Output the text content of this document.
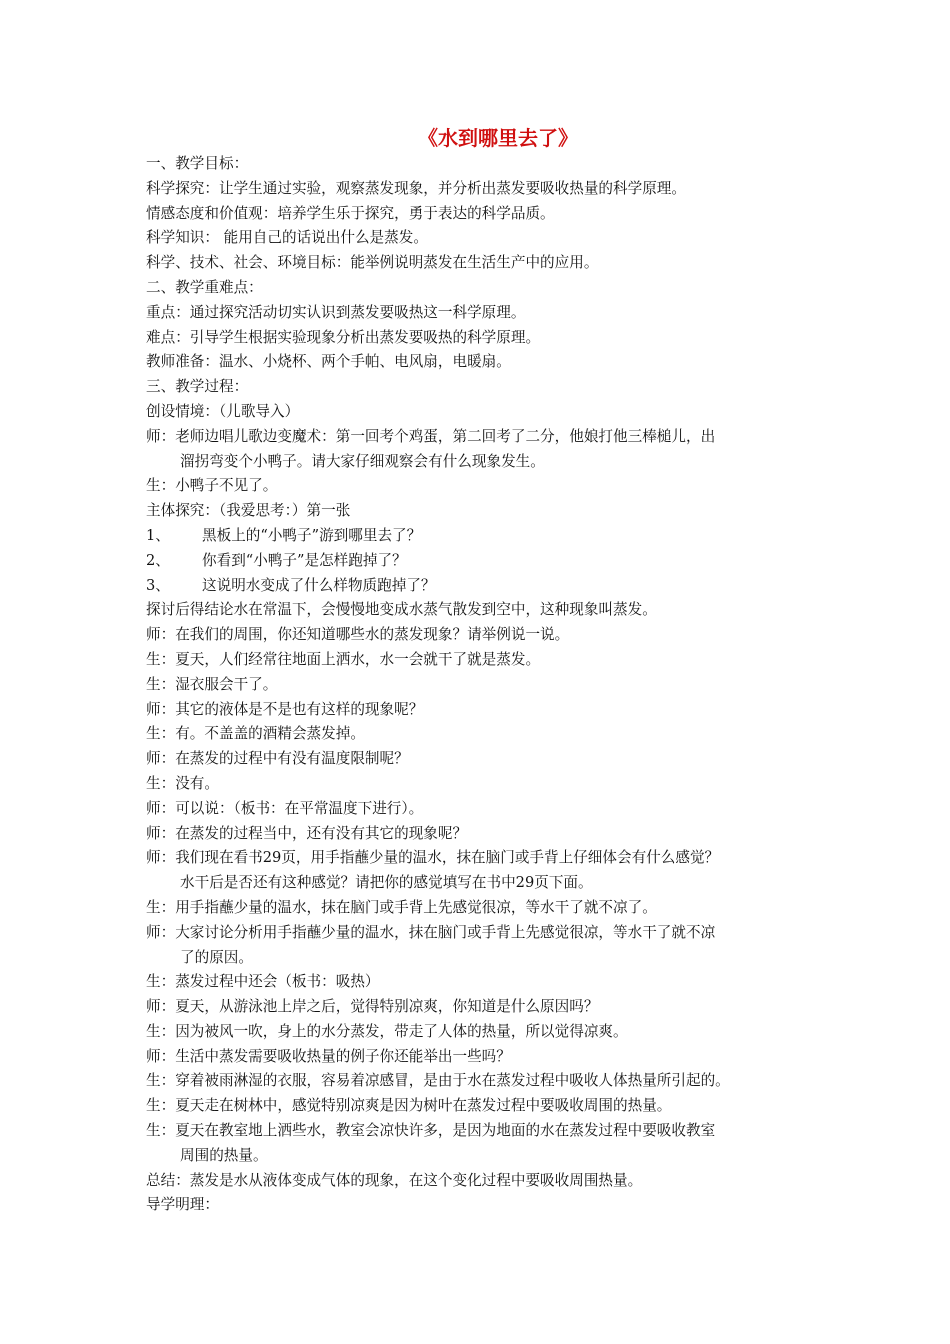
《水到哪里去了》
一、教学目标：
科学探究：让学生通过实验，观察蒸发现象，并分析出蒸发要吸收热量的科学原理。
情感态度和价值观：培养学生乐于探究，勇于表达的科学品质。
科学知识： 能用自己的话说出什么是蒸发。
科学、技术、社会、环境目标：能举例说明蒸发在生活生产中的应用。
二、教学重难点：
重点：通过探究活动切实认识到蒸发要吸热这一科学原理。
难点：引导学生根据实验现象分析出蒸发要吸热的科学原理。
教师准备：温水、小烧杯、两个手帕、电风扇，电暖扇。
三、教学过程：
创设情境：（儿歌导入）
师：老师边唱儿歌边变魔术：第一回考个鸡蛋，第二回考了二分，他娘打他三棒槌儿，出
溜拐弯变个小鸭子。请大家仔细观察会有什么现象发生。
生：小鸭子不见了。
主体探究：（我爱思考：）第一张
1、 黑板上的“小鸭子”游到哪里去了？
2、 你看到“小鸭子”是怎样跑掉了？
3、 这说明水变成了什么样物质跑掉了？
探讨后得结论水在常温下，会慢慢地变成水蒸气散发到空中，这种现象叫蒸发。
师：在我们的周围，你还知道哪些水的蒸发现象？请举例说一说。
生：夏天，人们经常往地面上洒水，水一会就干了就是蒸发。
生：湿衣服会干了。
师：其它的液体是不是也有这样的现象呢？
生：有。不盖盖的酒精会蒸发掉。
师：在蒸发的过程中有没有温度限制呢？
生：没有。
师：可以说：（板书：在平常温度下进行）。
师：在蒸发的过程当中，还有没有其它的现象呢？
师：我们现在看书29页，用手指蘸少量的温水，抹在脑门或手背上仔细体会有什么感觉？
水干后是否还有这种感觉？请把你的感觉填写在书中29页下面。
生：用手指蘸少量的温水，抹在脑门或手背上先感觉很凉，等水干了就不凉了。
师：大家讨论分析用手指蘸少量的温水，抹在脑门或手背上先感觉很凉，等水干了就不凉
了的原因。
生：蒸发过程中还会（板书：吸热）
师：夏天，从游泳池上岸之后，觉得特别凉爽，你知道是什么原因吗？
生：因为被风一吹，身上的水分蒸发，带走了人体的热量，所以觉得凉爽。
师：生活中蒸发需要吸收热量的例子你还能举出一些吗？
生：穿着被雨淋湿的衣服，容易着凉感冒，是由于水在蒸发过程中吸收人体热量所引起的。
生：夏天走在树林中，感觉特别凉爽是因为树叶在蒸发过程中要吸收周围的热量。
生：夏天在教室地上洒些水，教室会凉快许多，是因为地面的水在蒸发过程中要吸收教室
周围的热量。
总结：蒸发是水从液体变成气体的现象，在这个变化过程中要吸收周围热量。
导学明理：
